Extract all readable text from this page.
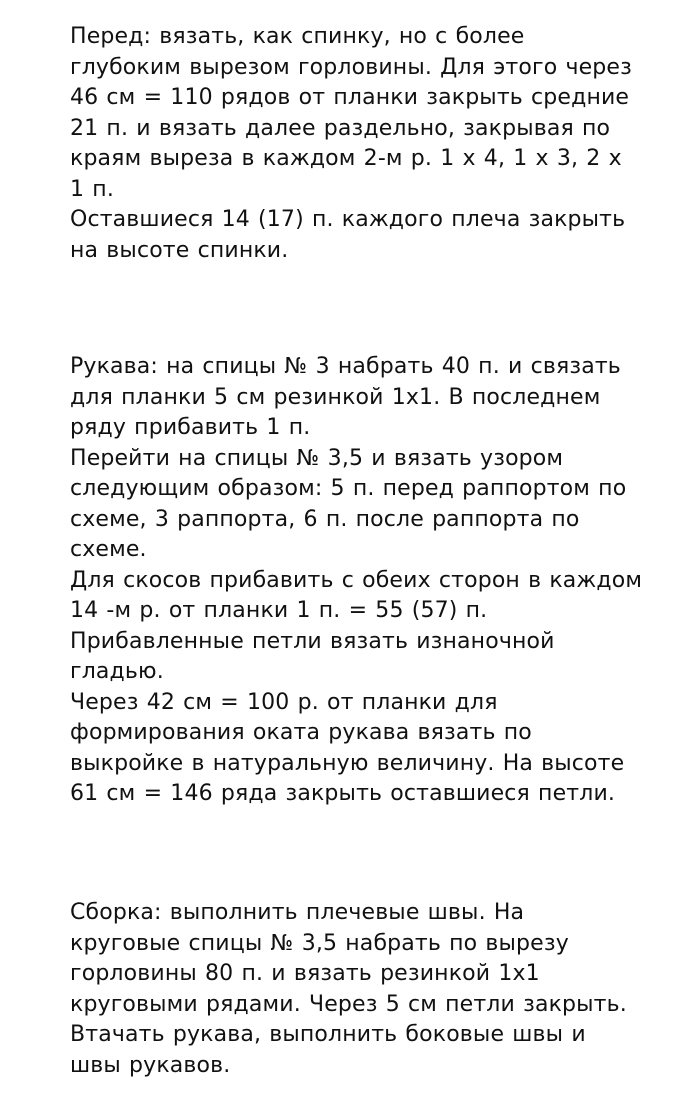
Перед: вязать, как спинку, но с более
глубоким вырезом горловины. Для этого через
46 см = 110 рядов от планки закрыть средние
21 п. и вязать далее раздельно, закрывая по
краям выреза в каждом 2-м р. 1 х 4, 1 х 3, 2 х
1 п.
Оставшиеся 14 (17) п. каждого плеча закрыть
на высоте спинки.
Рукава: на спицы № 3 набрать 40 п. и связать
для планки 5 см резинкой 1х1. В последнем
ряду прибавить 1 п.
Перейти на спицы № 3,5 и вязать узором
следующим образом: 5 п. перед раппортом по
схеме, 3 раппорта, 6 п. после раппорта по
схеме.
Для скосов прибавить с обеих сторон в каждом
14 -м р. от планки 1 п. = 55 (57) п.
Прибавленные петли вязать изнаночной
гладью.
Через 42 см = 100 р. от планки для
формирования оката рукава вязать по
выкройке в натуральную величину. На высоте
61 см = 146 ряда закрыть оставшиеся петли.
Сборка: выполнить плечевые швы. На
круговые спицы № 3,5 набрать по вырезу
горловины 80 п. и вязать резинкой 1х1
круговыми рядами. Через 5 см петли закрыть.
Втачать рукава, выполнить боковые швы и
швы рукавов.
